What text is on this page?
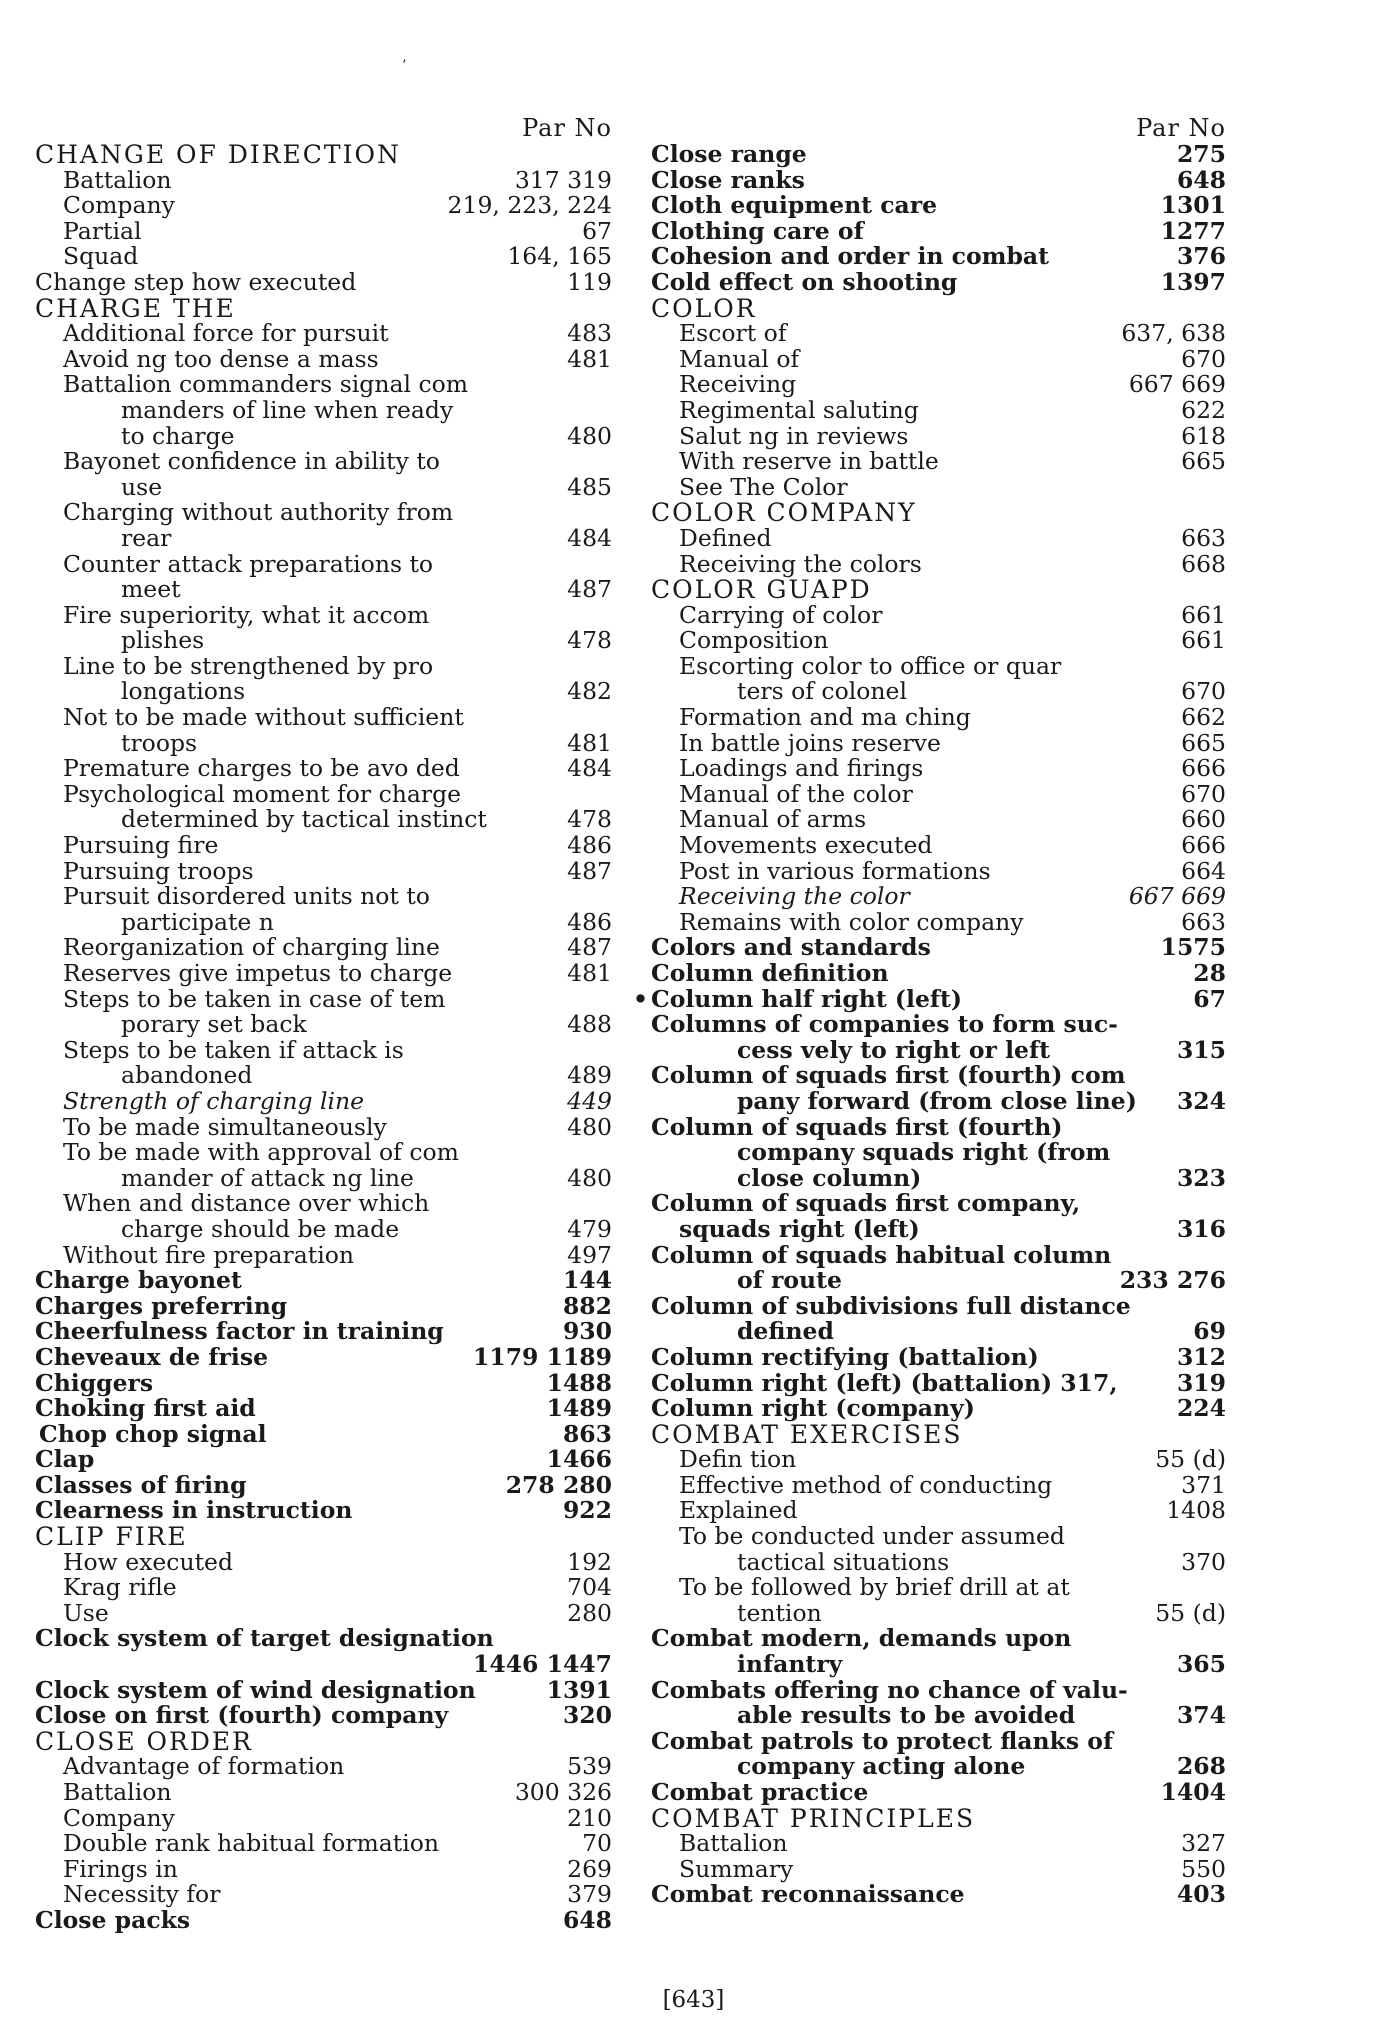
’
Par No
CHANGE OF DIRECTION
Battalion	317 319
Company	219, 223, 224
Partial	67
Squad	164, 165
Change step how executed	119
CHARGE THE
Additional force for pursuit	483
Avoid ng too dense a mass	481
Battalion commanders signal com
manders of line when ready
to charge	480
Bayonet confidence in ability to
use	485
Charging without authority from
rear	484
Counter attack preparations to
meet	487
Fire superiority, what it accom
plishes	478
Line to be strengthened by pro
longations	482
Not to be made without sufficient
troops	481
Premature charges to be avo ded	484
Psychological moment for charge
determined by tactical instinct	478
Pursuing fire	486
Pursuing troops	487
Pursuit disordered units not to
participate n	486
Reorganization of charging line	487
Reserves give impetus to charge	481
Steps to be taken in case of tem
porary set back	488
Steps to be taken if attack is
abandoned	489
Strength of charging line	449
To be made simultaneously	480
To be made with approval of com
mander of attack ng line	480
When and distance over which
charge should be made	479
Without fire preparation	497
Charge bayonet	144
Charges preferring	882
Cheerfulness factor in training	930
Cheveaux de frise	1179 1189
Chiggers	1488
Choking first aid	1489
Chop chop signal	863
Clap	1466
Classes of firing	278 280
Clearness in instruction	922
CLIP FIRE
How executed	192
Krag rifle	704
Use	280
Clock system of target designation
1446 1447
Clock system of wind designation	1391
Close on first (fourth) company	320
CLOSE ORDER
Advantage of formation	539
Battalion	300 326
Company	210
Double rank habitual formation	70
Firings in	269
Necessity for	379
Close packs	648
Par No
Close range	275
Close ranks	648
Cloth equipment care	1301
Clothing care of	1277
Cohesion and order in combat	376
Cold effect on shooting	1397
COLOR
Escort of	637, 638
Manual of	670
Receiving	667 669
Regimental saluting	622
Salut ng in reviews	618
With reserve in battle	665
See The Color
COLOR COMPANY
Defined	663
Receiving the colors	668
COLOR GUAPD
Carrying of color	661
Composition	661
Escorting color to office or quar
ters of colonel	670
Formation and ma ching	662
In battle joins reserve	665
Loadings and firings	666
Manual of the color	670
Manual of arms	660
Movements executed	666
Post in various formations	664
Receiving the color	667 669
Remains with color company	663
Colors and standards	1575
Column definition	28
• Column half right (left)	67
Columns of companies to form suc-
cess vely to right or left	315
Column of squads first (fourth) com
pany forward (from close line) 324
Column of squads first (fourth)
company squads right (from
close column)	323
Column of squads first company,
squads right (left)	316
Column of squads habitual column
of route	233 276
Column of subdivisions full distance
defined	69
Column rectifying (battalion)	312
Column right (left) (battalion) 317,	319
Column right (company)	224
COMBAT EXERCISES
Defin tion	55 (d)
Effective method of conducting	371
Explained	1408
To be conducted under assumed
tactical situations	370
To be followed by brief drill at at
tention	55 (d)
Combat modern, demands upon
infantry	365
Combats offering no chance of valu-
able results to be avoided	374
Combat patrols to protect flanks of
company acting alone	268
Combat practice	1404
COMBAT PRINCIPLES
Battalion	327
Summary	550
Combat reconnaissance	403
[643]
